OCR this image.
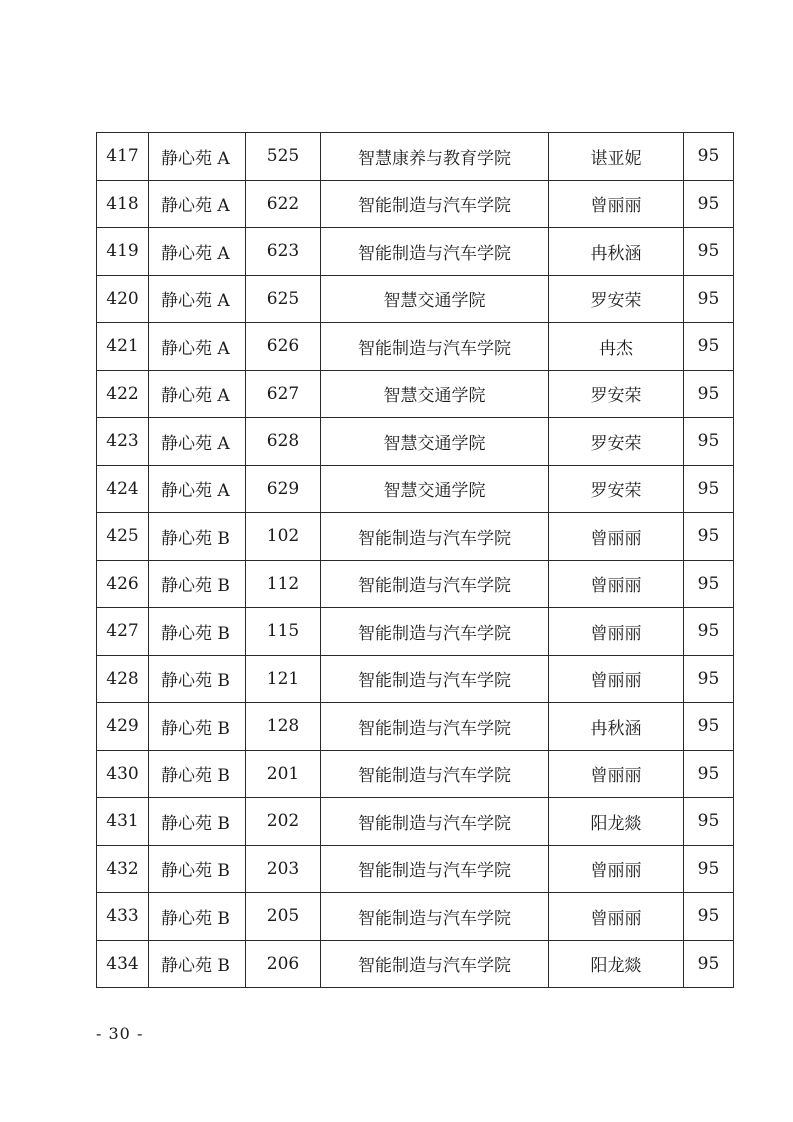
417	静心苑 A	525	智慧康养与教育学院	谌亚妮	95
418	静心苑 A	622	智能制造与汽车学院	曾丽丽	95
419	静心苑 A	623	智能制造与汽车学院	冉秋涵	95
420	静心苑 A	625	智慧交通学院	罗安荣	95
421	静心苑 A	626	智能制造与汽车学院	冉杰	95
422	静心苑 A	627	智慧交通学院	罗安荣	95
423	静心苑 A	628	智慧交通学院	罗安荣	95
424	静心苑 A	629	智慧交通学院	罗安荣	95
425	静心苑 B	102	智能制造与汽车学院	曾丽丽	95
426	静心苑 B	112	智能制造与汽车学院	曾丽丽	95
427	静心苑 B	115	智能制造与汽车学院	曾丽丽	95
428	静心苑 B	121	智能制造与汽车学院	曾丽丽	95
429	静心苑 B	128	智能制造与汽车学院	冉秋涵	95
430	静心苑 B	201	智能制造与汽车学院	曾丽丽	95
431	静心苑 B	202	智能制造与汽车学院	阳龙燚	95
432	静心苑 B	203	智能制造与汽车学院	曾丽丽	95
433	静心苑 B	205	智能制造与汽车学院	曾丽丽	95
434	静心苑 B	206	智能制造与汽车学院	阳龙燚	95
- 30 -
